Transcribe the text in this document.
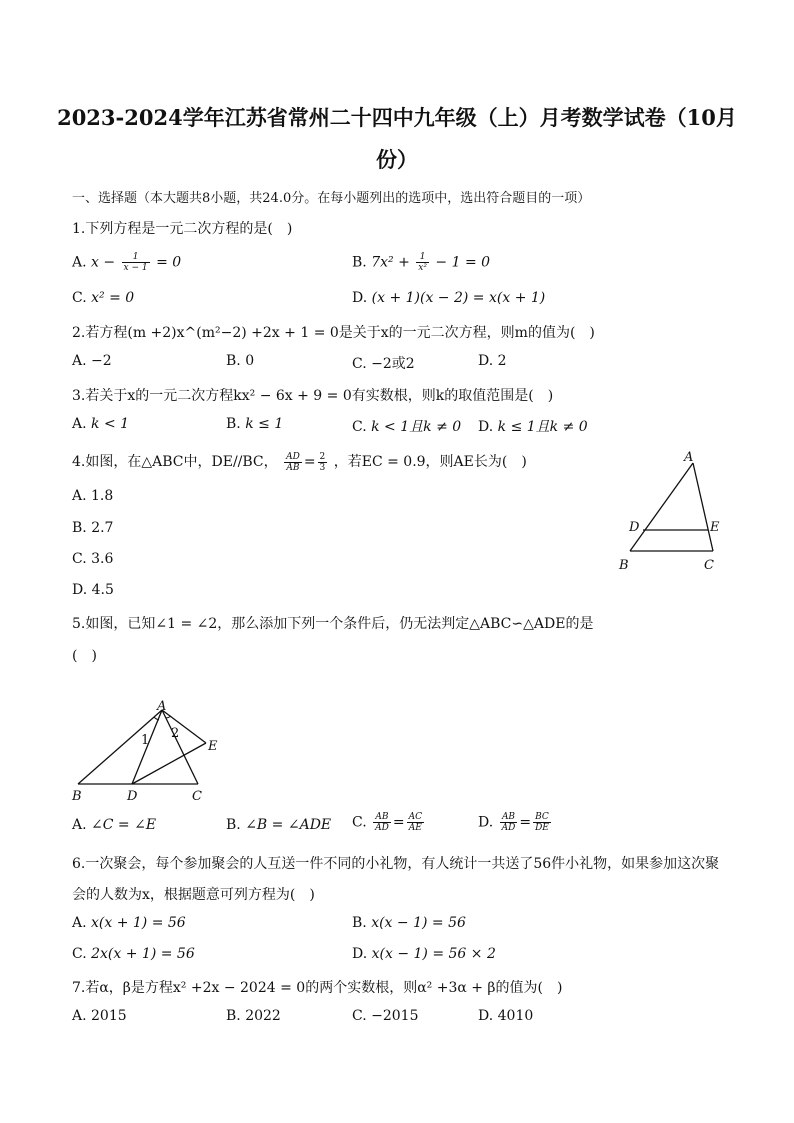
2023-2024学年江苏省常州二十四中九年级（上）月考数学试卷（10月
份）
一、选择题（本大题共8小题，共24.0分。在每小题列出的选项中，选出符合题目的一项）
1.下列方程是一元二次方程的是(　)
A. $x - \frac{1}{x - 1} = 0$	B. $7x^2 + \frac{1}{\text{x²}} - 1 = 0$
C. x² = 0	D. (x + 1)(x − 2) = x(x + 1)
2.若方程(m +2)x^(m²−2) +2x + 1 = 0是关于x的一元二次方程，则m的值为(　)
A. −2	B. 0	C. −2或2	D. 2
3.若关于x的一元二次方程kx² − 6x + 9 = 0有实数根，则k的取值范围是(　)
A. k < 1	B. k ≤ 1	C. k < 1且k ≠ 0 D. k ≤ 1且k ≠ 0
4.如图，在△ABC中，DE//BC， $\frac{AD}{AB} = \frac{2}{3}$ ，若EC = 0.9，则AE长为(　)
A. 1.8
B. 2.7
C. 3.6
D. 4.5
A
B	C
D	E
5.如图，已知∠1 = ∠2，那么添加下列一个条件后，仍无法判定△ABC∽△ADE的是
(　)
A
B	D	C
E
1 2
A. ∠C = ∠E	B. ∠B = ∠ADE C. $\frac{AB}{AD} = \frac{AC}{AE}$	D. $\frac{AB}{AD} = \frac{BC}{DE}$
6.一次聚会，每个参加聚会的人互送一件不同的小礼物，有人统计一共送了56件小礼物，如果参加这次聚
会的人数为x，根据题意可列方程为(　)
A. x(x + 1) = 56	B. x(x − 1) = 56
C. 2x(x + 1) = 56	D. x(x − 1) = 56 × 2
7.若α，β是方程x² +2x − 2024 = 0的两个实数根，则α² +3α + β的值为(　)
A. 2015	B. 2022	C. −2015	D. 4010
